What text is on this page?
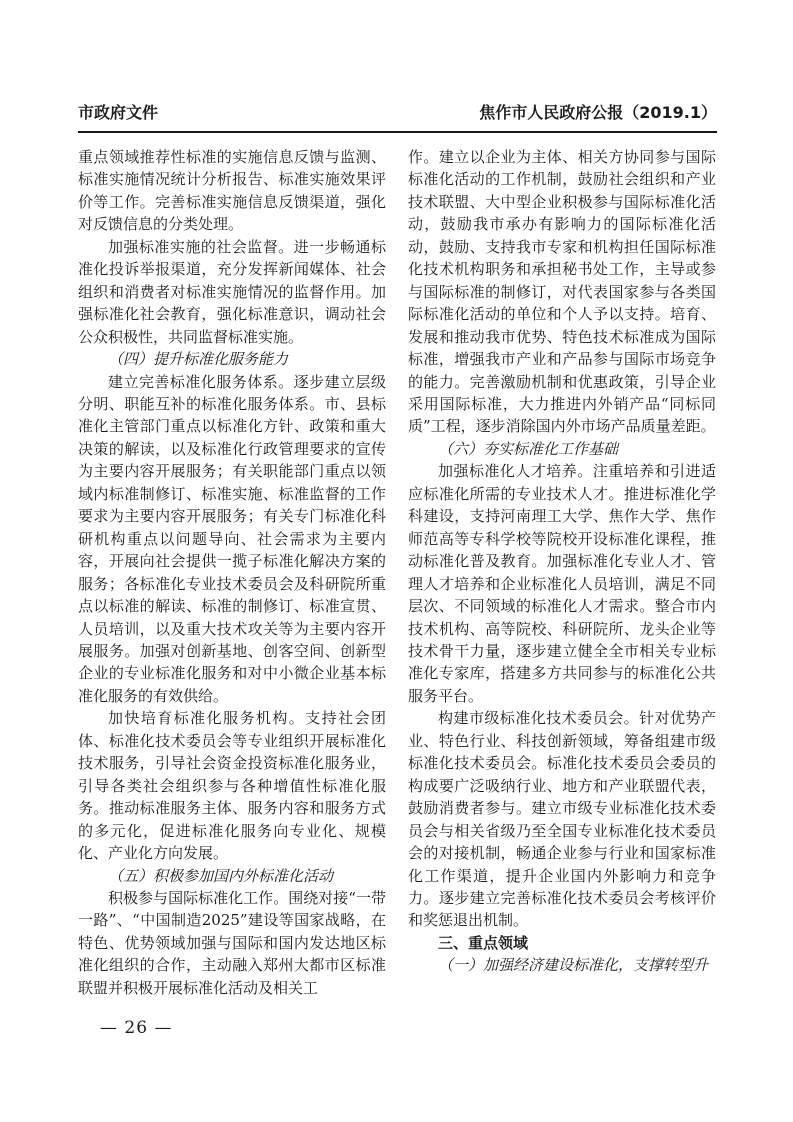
市政府文件	焦作市人民政府公报（2019.1）
重点领域推荐性标准的实施信息反馈与监测、标准实施情况统计分析报告、标准实施效果评价等工作。完善标准实施信息反馈渠道，强化对反馈信息的分类处理。
加强标准实施的社会监督。进一步畅通标准化投诉举报渠道，充分发挥新闻媒体、社会组织和消费者对标准实施情况的监督作用。加强标准化社会教育，强化标准意识，调动社会公众积极性，共同监督标准实施。
（四）提升标准化服务能力
建立完善标准化服务体系。逐步建立层级分明、职能互补的标准化服务体系。市、县标准化主管部门重点以标准化方针、政策和重大决策的解读，以及标准化行政管理要求的宣传为主要内容开展服务；有关职能部门重点以领域内标准制修订、标准实施、标准监督的工作要求为主要内容开展服务；有关专门标准化科研机构重点以问题导向、社会需求为主要内容，开展向社会提供一揽子标准化解决方案的服务；各标准化专业技术委员会及科研院所重点以标准的解读、标准的制修订、标准宣贯、人员培训，以及重大技术攻关等为主要内容开展服务。加强对创新基地、创客空间、创新型企业的专业标准化服务和对中小微企业基本标准化服务的有效供给。
加快培育标准化服务机构。支持社会团体、标准化技术委员会等专业组织开展标准化技术服务，引导社会资金投资标准化服务业，引导各类社会组织参与各种增值性标准化服务。推动标准服务主体、服务内容和服务方式的多元化，促进标准化服务向专业化、规模化、产业化方向发展。
（五）积极参加国内外标准化活动
积极参与国际标准化工作。围绕对接“一带一路”、“中国制造2025”建设等国家战略，在特色、优势领域加强与国际和国内发达地区标准化组织的合作，主动融入郑州大都市区标准联盟并积极开展标准化活动及相关工
作。建立以企业为主体、相关方协同参与国际标准化活动的工作机制，鼓励社会组织和产业技术联盟、大中型企业积极参与国际标准化活动，鼓励我市承办有影响力的国际标准化活动，鼓励、支持我市专家和机构担任国际标准化技术机构职务和承担秘书处工作，主导或参与国际标准的制修订，对代表国家参与各类国际标准化活动的单位和个人予以支持。培育、发展和推动我市优势、特色技术标准成为国际标准，增强我市产业和产品参与国际市场竞争的能力。完善激励机制和优惠政策，引导企业采用国际标准，大力推进内外销产品“同标同质”工程，逐步消除国内外市场产品质量差距。
（六）夯实标准化工作基础
加强标准化人才培养。注重培养和引进适应标准化所需的专业技术人才。推进标准化学科建设，支持河南理工大学、焦作大学、焦作师范高等专科学校等院校开设标准化课程，推动标准化普及教育。加强标准化专业人才、管理人才培养和企业标准化人员培训，满足不同层次、不同领域的标准化人才需求。整合市内技术机构、高等院校、科研院所、龙头企业等技术骨干力量，逐步建立健全全市相关专业标准化专家库，搭建多方共同参与的标准化公共服务平台。
构建市级标准化技术委员会。针对优势产业、特色行业、科技创新领域，筹备组建市级标准化技术委员会。标准化技术委员会委员的构成要广泛吸纳行业、地方和产业联盟代表，鼓励消费者参与。建立市级专业标准化技术委员会与相关省级乃至全国专业标准化技术委员会的对接机制，畅通企业参与行业和国家标准化工作渠道，提升企业国内外影响力和竞争力。逐步建立完善标准化技术委员会考核评价和奖惩退出机制。
三、重点领域
（一）加强经济建设标准化，支撑转型升
— 26 —
